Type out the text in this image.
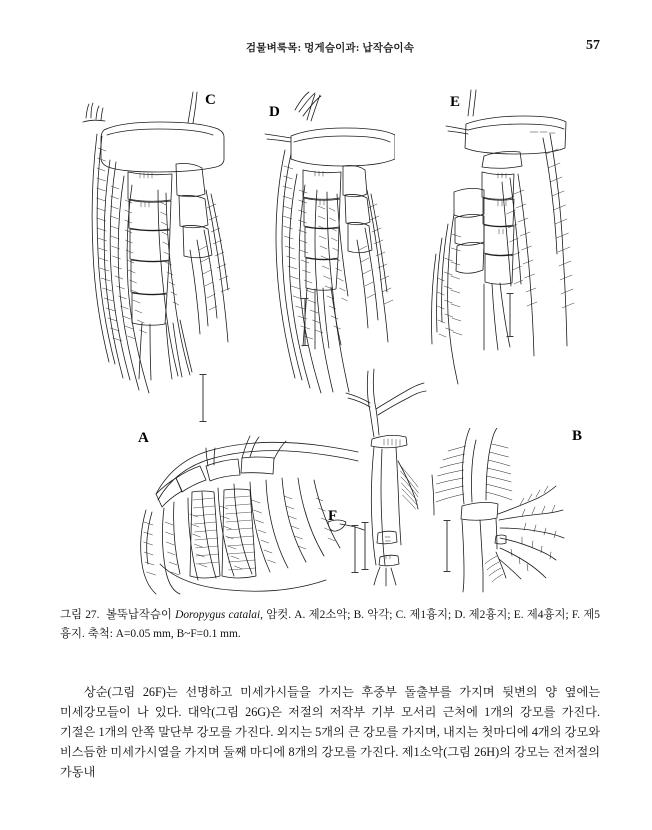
검물벼룩목: 멍게슴이과: 납작슴이속	57
C
D
E
A
F
B
그림 27. 볼뚝납작슴이 Doropygus catalai, 암컷. A. 제2소악; B. 악각; C. 제1흉지; D. 제2흉지; E. 제4흉지; F. 제5흉지. 축척: A=0.05 mm, B~F=0.1 mm.
상순(그림 26F)는 선명하고 미세가시들을 가지는 후중부 돌출부를 가지며 뒷변의 양 옆에는 미세강모들이 나 있다. 대악(그림 26G)은 저절의 저작부 기부 모서리 근처에 1개의 강모를 가진다. 기절은 1개의 안쪽 말단부 강모를 가진다. 외지는 5개의 큰 강모를 가지며, 내지는 첫마디에 4개의 강모와 비스듬한 미세가시열을 가지며 둘째 마디에 8개의 강모를 가진다. 제1소악(그림 26H)의 강모는 전저절의 가동내
